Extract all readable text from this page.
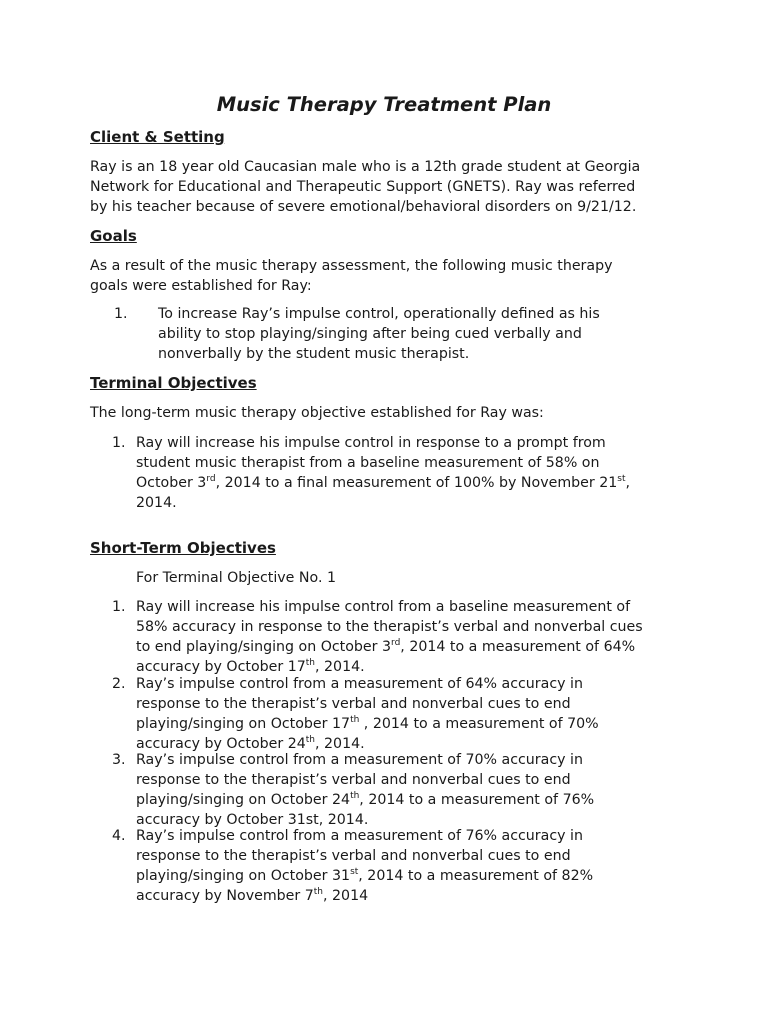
Music Therapy Treatment Plan
Client & Setting
Ray is an 18 year old Caucasian male who is a 12th grade student at Georgia
Network for Educational and Therapeutic Support (GNETS). Ray was referred
by his teacher because of severe emotional/behavioral disorders on 9/21/12.
Goals
As a result of the music therapy assessment, the following music therapy
goals were established for Ray:
1. To increase Ray’s impulse control, operationally defined as his
ability to stop playing/singing after being cued verbally and
nonverbally by the student music therapist.
Terminal Objectives
The long-term music therapy objective established for Ray was:
1. Ray will increase his impulse control in response to a prompt from
student music therapist from a baseline measurement of 58% on
October 3rd, 2014 to a final measurement of 100% by November 21st,
2014.
Short-Term Objectives
For Terminal Objective No. 1
1. Ray will increase his impulse control from a baseline measurement of
58% accuracy in response to the therapist’s verbal and nonverbal cues
to end playing/singing on October 3rd, 2014 to a measurement of 64%
accuracy by October 17th, 2014.
2. Ray’s impulse control from a measurement of 64% accuracy in
response to the therapist’s verbal and nonverbal cues to end
playing/singing on October 17th , 2014 to a measurement of 70%
accuracy by October 24th, 2014.
3. Ray’s impulse control from a measurement of 70% accuracy in
response to the therapist’s verbal and nonverbal cues to end
playing/singing on October 24th, 2014 to a measurement of 76%
accuracy by October 31st, 2014.
4. Ray’s impulse control from a measurement of 76% accuracy in
response to the therapist’s verbal and nonverbal cues to end
playing/singing on October 31st, 2014 to a measurement of 82%
accuracy by November 7th, 2014
